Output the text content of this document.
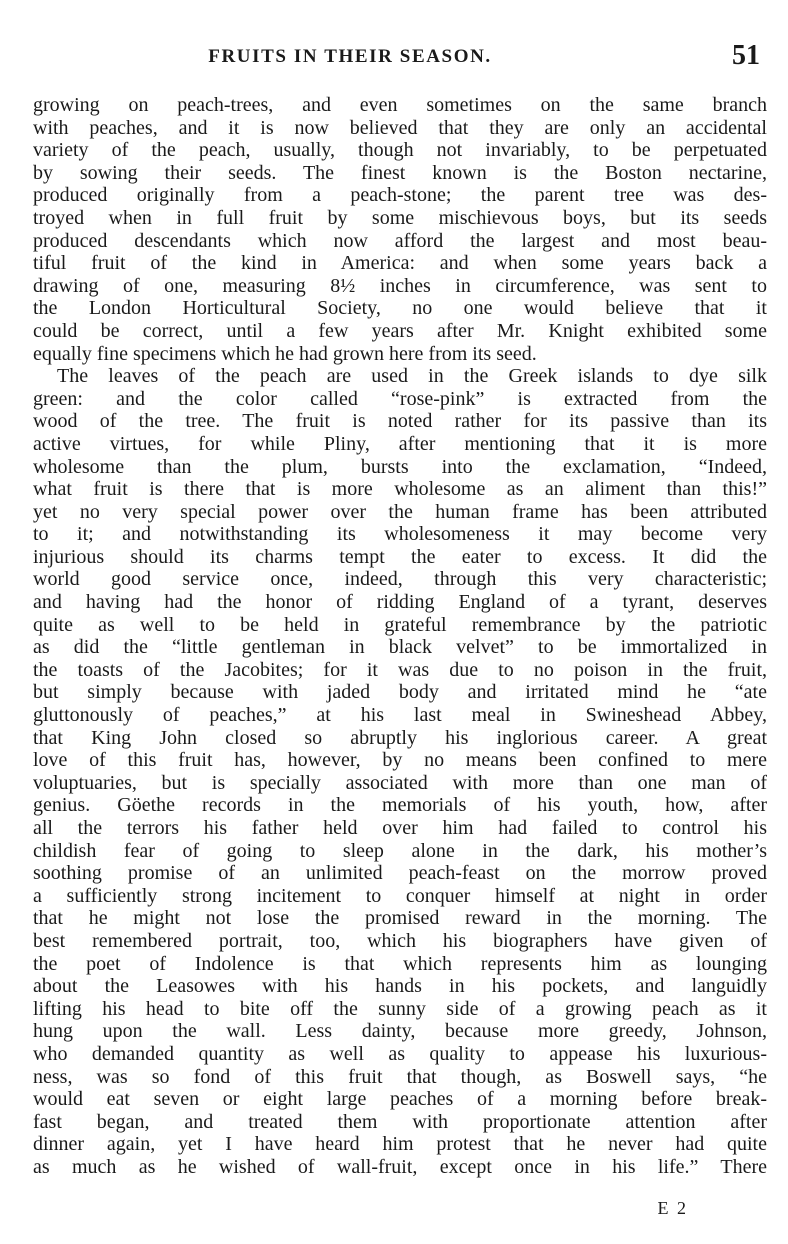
FRUITS IN THEIR SEASON.	51
growing on peach-trees, and even sometimes on the same branch
with peaches, and it is now believed that they are only an accidental
variety of the peach, usually, though not invariably, to be perpetuated
by sowing their seeds. The finest known is the Boston nectarine,
produced originally from a peach-stone; the parent tree was des-
troyed when in full fruit by some mischievous boys, but its seeds
produced descendants which now afford the largest and most beau-
tiful fruit of the kind in America: and when some years back a
drawing of one, measuring 8½ inches in circumference, was sent to
the London Horticultural Society, no one would believe that it
could be correct, until a few years after Mr. Knight exhibited some
equally fine specimens which he had grown here from its seed.
The leaves of the peach are used in the Greek islands to dye silk
green: and the color called “rose-pink” is extracted from the
wood of the tree. The fruit is noted rather for its passive than its
active virtues, for while Pliny, after mentioning that it is more
wholesome than the plum, bursts into the exclamation, “Indeed,
what fruit is there that is more wholesome as an aliment than this!”
yet no very special power over the human frame has been attributed
to it; and notwithstanding its wholesomeness it may become very
injurious should its charms tempt the eater to excess. It did the
world good service once, indeed, through this very characteristic;
and having had the honor of ridding England of a tyrant, deserves
quite as well to be held in grateful remembrance by the patriotic
as did the “little gentleman in black velvet” to be immortalized in
the toasts of the Jacobites; for it was due to no poison in the fruit,
but simply because with jaded body and irritated mind he “ate
gluttonously of peaches,” at his last meal in Swineshead Abbey,
that King John closed so abruptly his inglorious career. A great
love of this fruit has, however, by no means been confined to mere
voluptuaries, but is specially associated with more than one man of
genius. Göethe records in the memorials of his youth, how, after
all the terrors his father held over him had failed to control his
childish fear of going to sleep alone in the dark, his mother’s
soothing promise of an unlimited peach-feast on the morrow proved
a sufficiently strong incitement to conquer himself at night in order
that he might not lose the promised reward in the morning. The
best remembered portrait, too, which his biographers have given of
the poet of Indolence is that which represents him as lounging
about the Leasowes with his hands in his pockets, and languidly
lifting his head to bite off the sunny side of a growing peach as it
hung upon the wall. Less dainty, because more greedy, Johnson,
who demanded quantity as well as quality to appease his luxurious-
ness, was so fond of this fruit that though, as Boswell says, “he
would eat seven or eight large peaches of a morning before break-
fast began, and treated them with proportionate attention after
dinner again, yet I have heard him protest that he never had quite
as much as he wished of wall-fruit, except once in his life.” There
E 2
